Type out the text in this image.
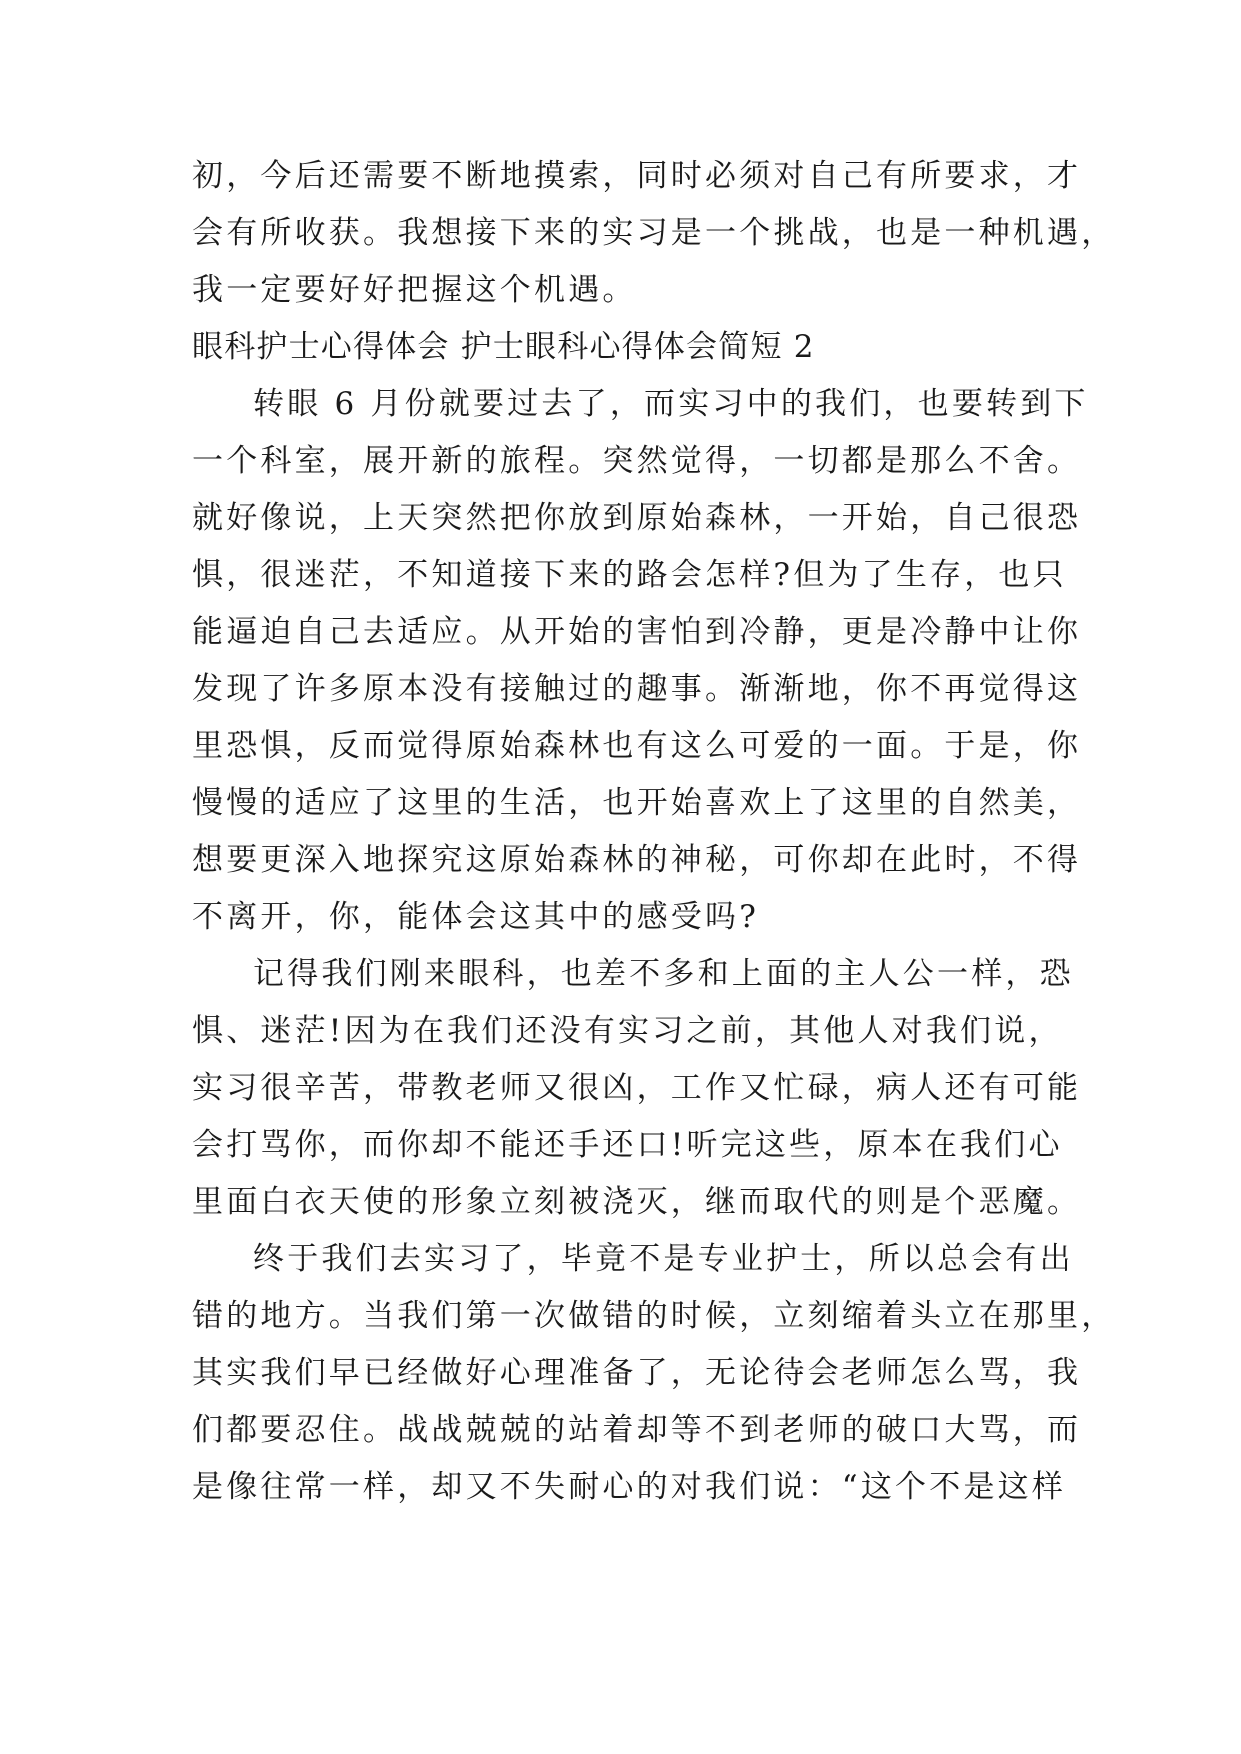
初，今后还需要不断地摸索，同时必须对自己有所要求，才
会有所收获。我想接下来的实习是一个挑战，也是一种机遇，
我一定要好好把握这个机遇。
眼科护士心得体会 护士眼科心得体会简短 2
转眼 6 月份就要过去了，而实习中的我们，也要转到下
一个科室，展开新的旅程。突然觉得，一切都是那么不舍。
就好像说，上天突然把你放到原始森林，一开始，自己很恐
惧，很迷茫，不知道接下来的路会怎样?但为了生存，也只
能逼迫自己去适应。从开始的害怕到冷静，更是冷静中让你
发现了许多原本没有接触过的趣事。渐渐地，你不再觉得这
里恐惧，反而觉得原始森林也有这么可爱的一面。于是，你
慢慢的适应了这里的生活，也开始喜欢上了这里的自然美，
想要更深入地探究这原始森林的神秘，可你却在此时，不得
不离开，你，能体会这其中的感受吗?
记得我们刚来眼科，也差不多和上面的主人公一样，恐
惧、迷茫!因为在我们还没有实习之前，其他人对我们说，
实习很辛苦，带教老师又很凶，工作又忙碌，病人还有可能
会打骂你，而你却不能还手还口!听完这些，原本在我们心
里面白衣天使的形象立刻被浇灭，继而取代的则是个恶魔。
终于我们去实习了，毕竟不是专业护士，所以总会有出
错的地方。当我们第一次做错的时候，立刻缩着头立在那里，
其实我们早已经做好心理准备了，无论待会老师怎么骂，我
们都要忍住。战战兢兢的站着却等不到老师的破口大骂，而
是像往常一样，却又不失耐心的对我们说：“这个不是这样
